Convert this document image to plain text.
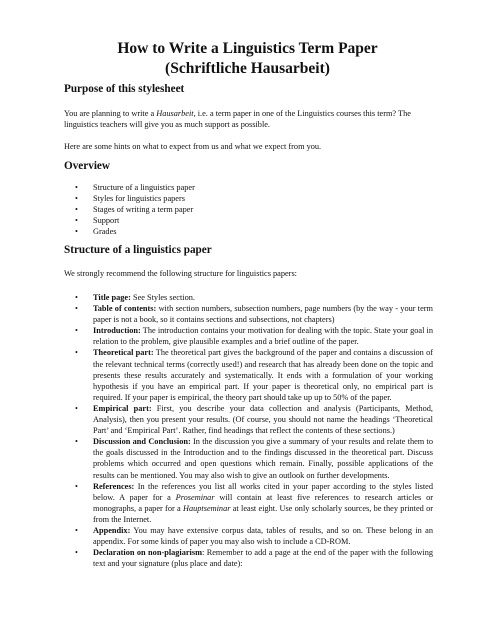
How to Write a Linguistics Term Paper
(Schriftliche Hausarbeit)
Purpose of this stylesheet

You are planning to write a Hausarbeit, i.e. a term paper in one of the Linguistics courses this term? The linguistics teachers will give you as much support as possible.

Here are some hints on what to expect from us and what we expect from you.

Overview
• Structure of a linguistics paper
• Styles for linguistics papers
• Stages of writing a term paper
• Support
• Grades
Structure of a linguistics paper

We strongly recommend the following structure for linguistics papers:

• Title page: See Styles section.
• Table of contents: with section numbers, subsection numbers, page numbers (by the way - your term paper is not a book, so it contains sections and subsections, not chapters)
• Introduction: The introduction contains your motivation for dealing with the topic. State your goal in relation to the problem, give plausible examples and a brief outline of the paper.
• Theoretical part: The theoretical part gives the background of the paper and contains a discussion of the relevant technical terms (correctly used!) and research that has already been done on the topic and presents these results accurately and systematically. It ends with a formulation of your working hypothesis if you have an empirical part. If your paper is theoretical only, no empirical part is required. If your paper is empirical, the theory part should take up up to 50% of the paper.
• Empirical part: First, you describe your data collection and analysis (Participants, Method, Analysis), then you present your results. (Of course, you should not name the headings ‘Theoretical Part’ and ‘Empirical Part’. Rather, find headings that reflect the contents of these sections.)
• Discussion and Conclusion: In the discussion you give a summary of your results and relate them to the goals discussed in the Introduction and to the findings discussed in the theoretical part. Discuss problems which occurred and open questions which remain. Finally, possible applications of the results can be mentioned. You may also wish to give an outlook on further developments.
• References: In the references you list all works cited in your paper according to the styles listed below. A paper for a Proseminar will contain at least five references to research articles or monographs, a paper for a Hauptseminar at least eight. Use only scholarly sources, be they printed or from the Internet.
• Appendix: You may have extensive corpus data, tables of results, and so on. These belong in an appendix. For some kinds of paper you may also wish to include a CD-ROM.
• Declaration on non-plagiarism: Remember to add a page at the end of the paper with the following text and your signature (plus place and date):
